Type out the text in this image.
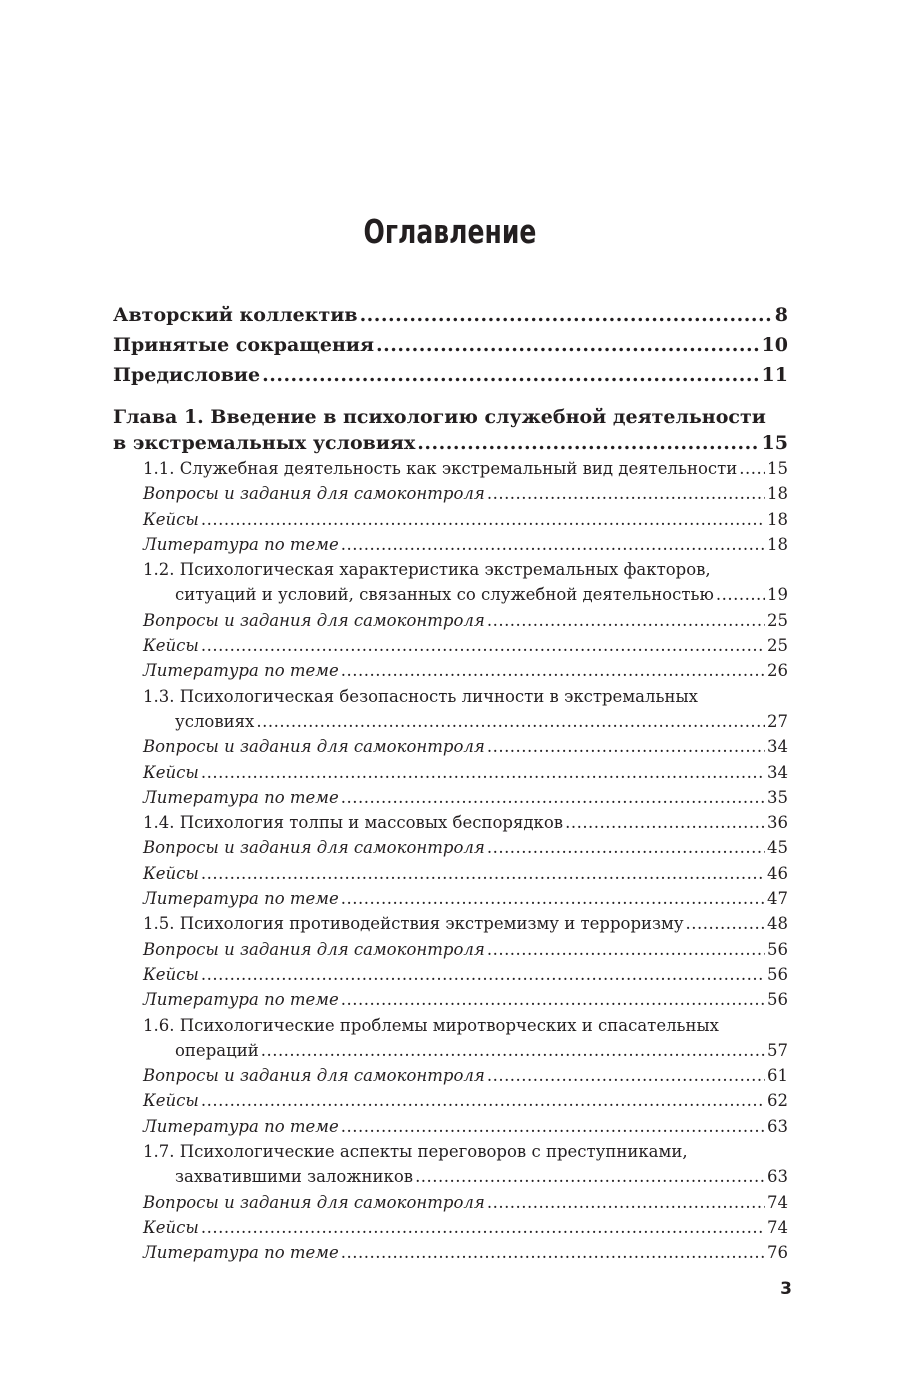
Оглавление
Авторский коллектив .....	8
Принятые сокращения .....	10
Предисловие .....	11
Глава 1. Введение в психологию служебной деятельности
в экстремальных условиях .....	15
1.1. Служебная деятельность как экстремальный вид деятельности ..... 15
Вопросы и задания для самоконтроля .....	18
Кейсы .....	18
Литература по теме .....	18
1.2. Психологическая характеристика экстремальных факторов,
ситуаций и условий, связанных со служебной деятельностью .....	19
Вопросы и задания для самоконтроля .....	25
Кейсы .....	25
Литература по теме .....	26
1.3. Психологическая безопасность личности в экстремальных
условиях .....	27
Вопросы и задания для самоконтроля .....	34
Кейсы .....	34
Литература по теме .....	35
1.4. Психология толпы и массовых беспорядков .....	36
Вопросы и задания для самоконтроля .....	45
Кейсы .....	46
Литература по теме .....	47
1.5. Психология противодействия экстремизму и терроризму .....	48
Вопросы и задания для самоконтроля .....	56
Кейсы .....	56
Литература по теме .....	56
1.6. Психологические проблемы миротворческих и спасательных
операций .....	57
Вопросы и задания для самоконтроля .....	61
Кейсы .....	62
Литература по теме .....	63
1.7. Психологические аспекты переговоров с преступниками,
захватившими заложников .....	63
Вопросы и задания для самоконтроля .....	74
Кейсы .....	74
Литература по теме .....	76
3
